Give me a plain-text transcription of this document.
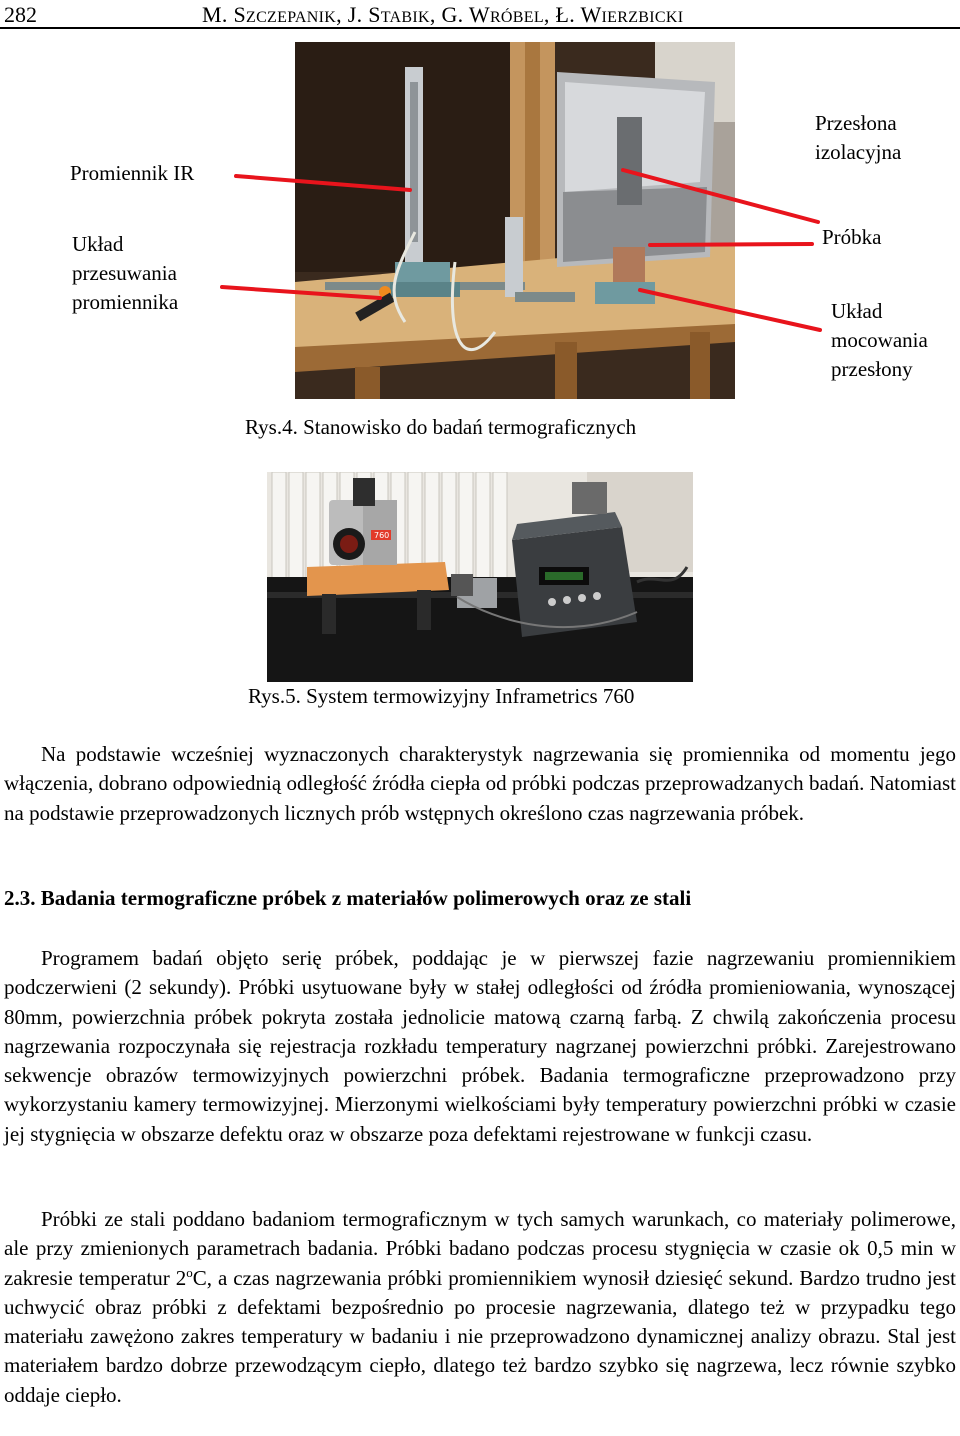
282	M. SZCZEPANIK, J. STABIK, G. WRÓBEL, Ł. WIERZBICKI
Promiennik IR
Układ
przesuwania
promiennika
Przesłona
izolacyjna
Próbka
Układ
mocowania
przesłony
Rys.4. Stanowisko do badań termograficznych
760
Rys.5. System termowizyjny Inframetrics 760
Na podstawie wcześniej wyznaczonych charakterystyk nagrzewania się promiennika od momentu jego włączenia, dobrano odpowiednią odległość źródła ciepła od próbki podczas przeprowadzanych badań. Natomiast na podstawie przeprowadzonych licznych prób wstępnych określono czas nagrzewania próbek.
2.3. Badania termograficzne próbek z materiałów polimerowych oraz ze stali
Programem badań objęto serię próbek, poddając je w pierwszej fazie nagrzewaniu promiennikiem podczerwieni (2 sekundy). Próbki usytuowane były w stałej odległości od źródła promieniowania, wynoszącej 80mm, powierzchnia próbek pokryta została jednolicie matową czarną farbą. Z chwilą zakończenia procesu nagrzewania rozpoczynała się rejestracja rozkładu temperatury nagrzanej powierzchni próbki. Zarejestrowano sekwencje obrazów termowizyjnych powierzchni próbek. Badania termograficzne przeprowadzono przy wykorzystaniu kamery termowizyjnej. Mierzonymi wielkościami były temperatury powierzchni próbki w czasie jej stygnięcia w obszarze defektu oraz w obszarze poza defektami rejestrowane w funkcji czasu.
Próbki ze stali poddano badaniom termograficznym w tych samych warunkach, co materiały polimerowe, ale przy zmienionych parametrach badania. Próbki badano podczas procesu stygnięcia w czasie ok 0,5 min w zakresie temperatur 2$^o$C, a czas nagrzewania próbki promiennikiem wynosił dziesięć sekund. Bardzo trudno jest uchwycić obraz próbki z defektami bezpośrednio po procesie nagrzewania, dlatego też w przypadku tego materiału zawężono zakres temperatury w badaniu i nie przeprowadzono dynamicznej analizy obrazu. Stal jest materiałem bardzo dobrze przewodzącym ciepło, dlatego też bardzo szybko się nagrzewa, lecz równie szybko oddaje ciepło.
